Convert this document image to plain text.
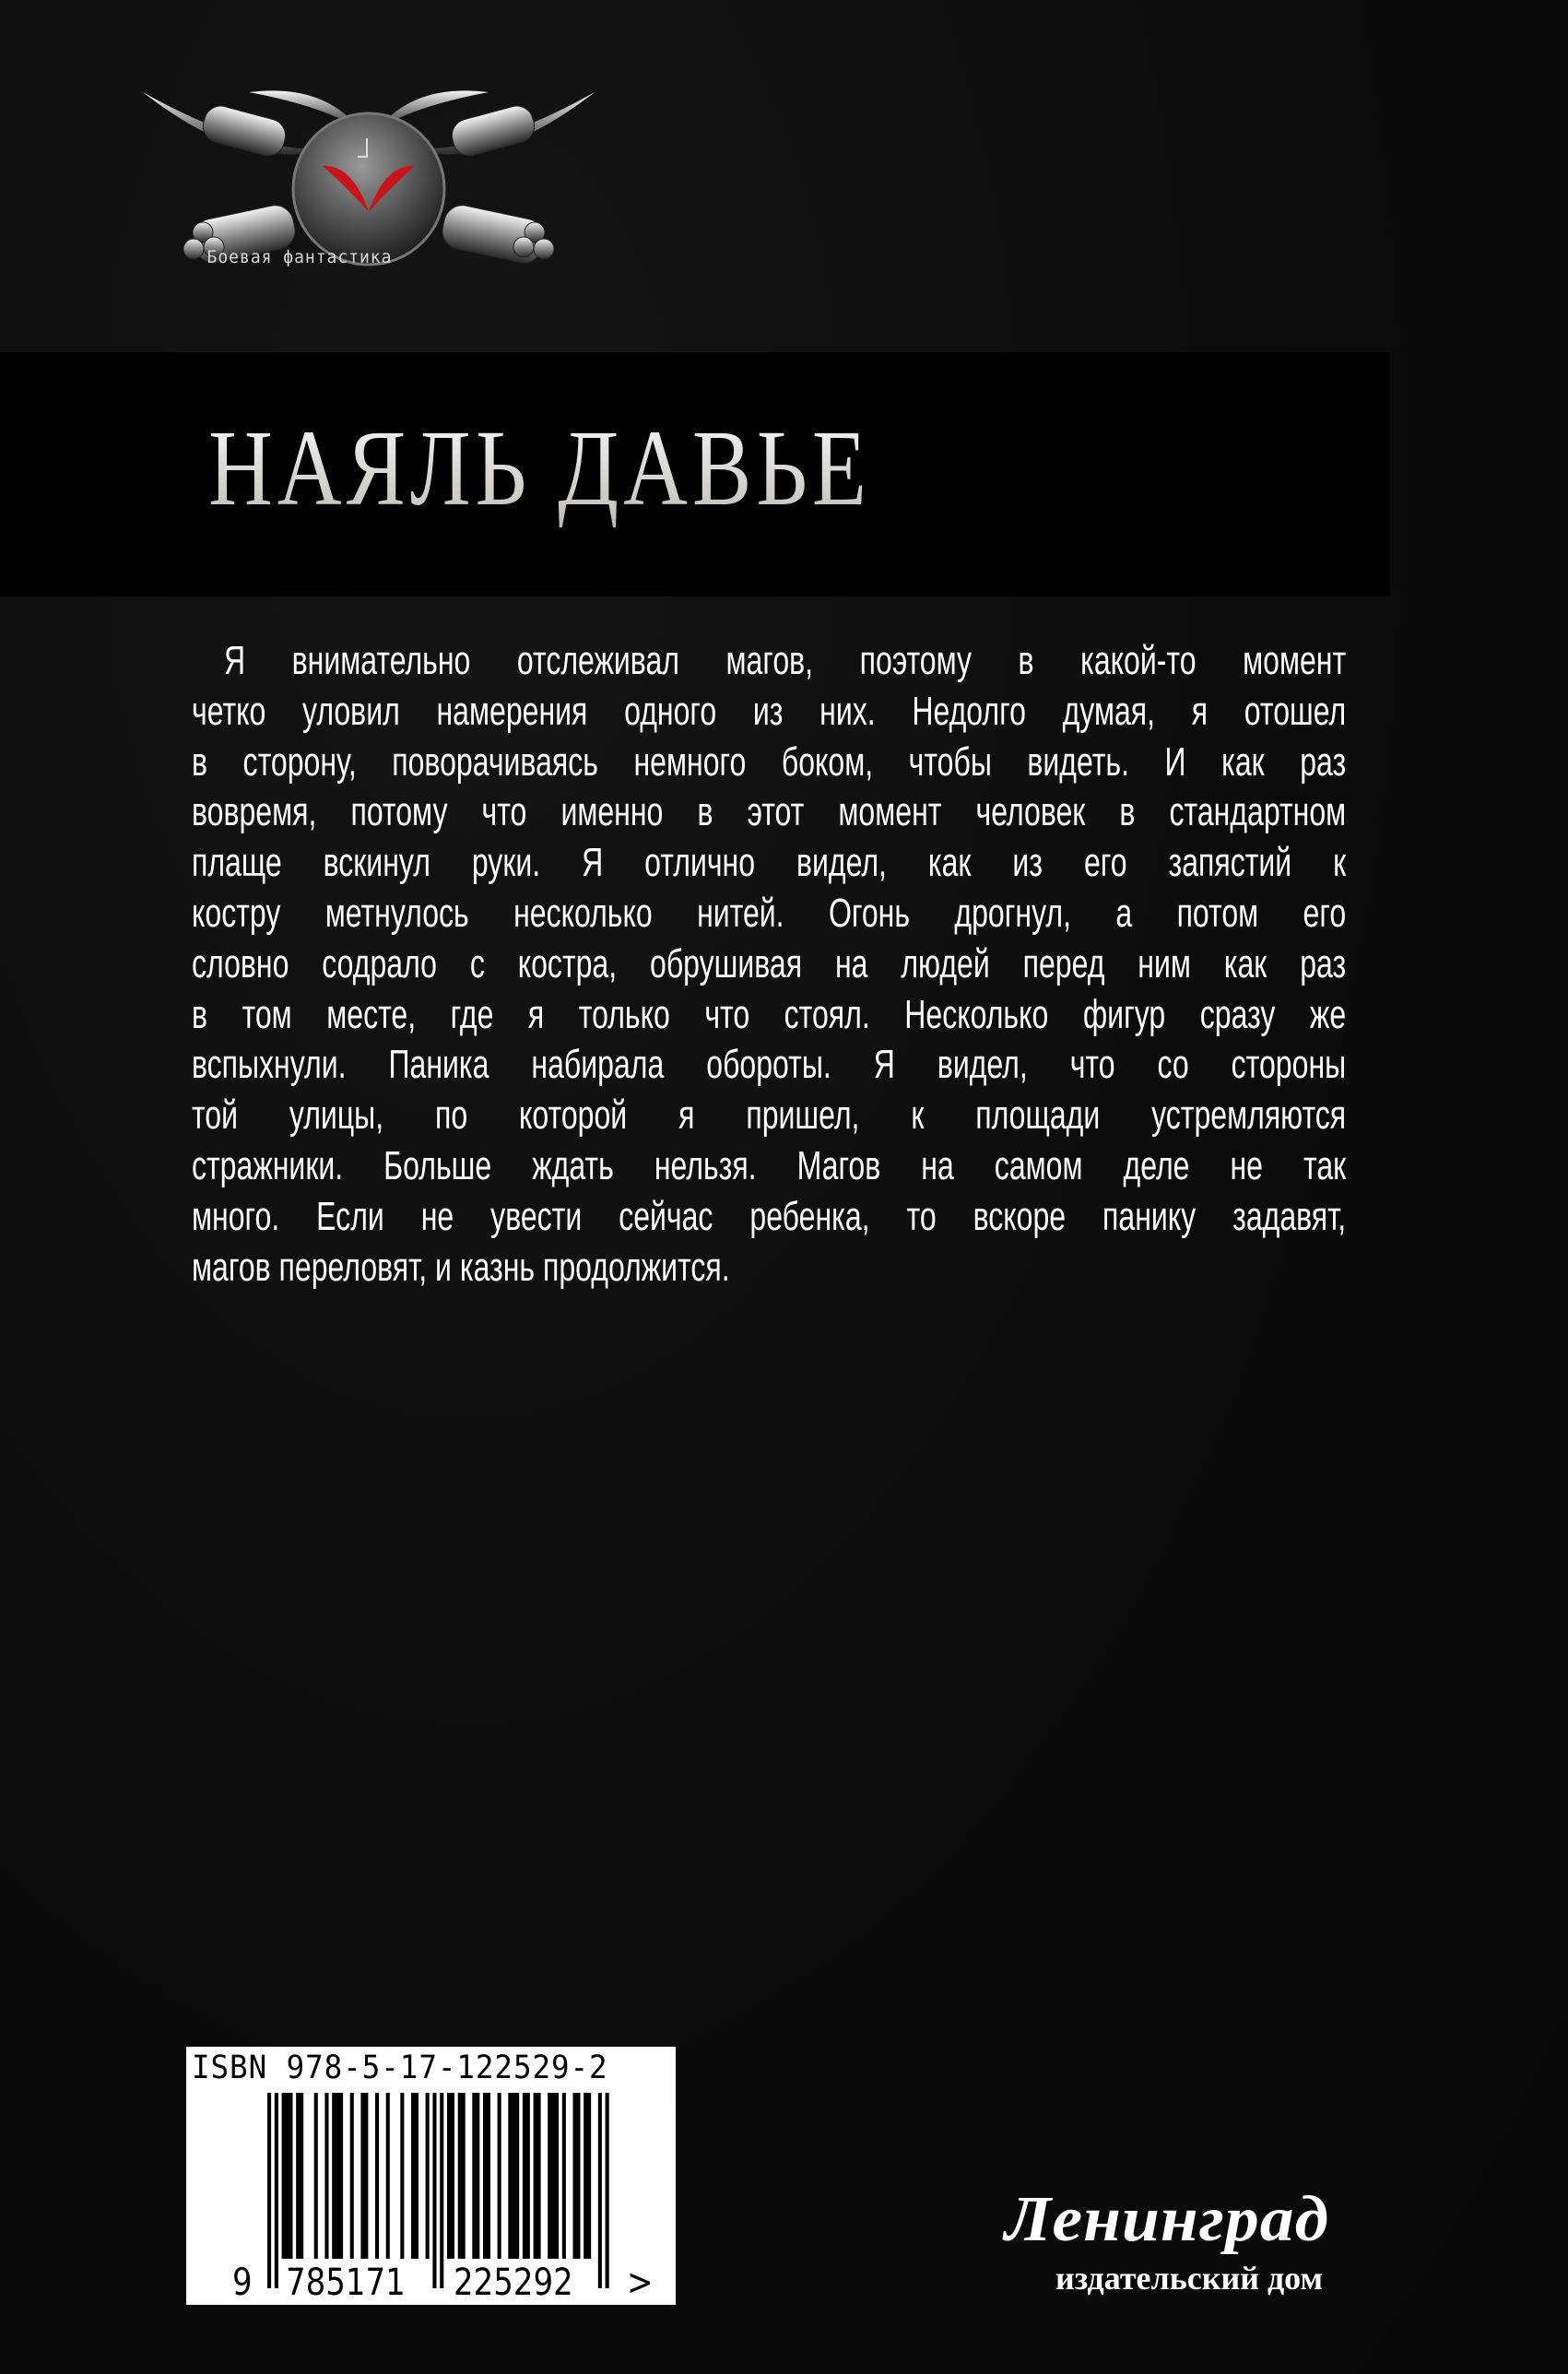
Боевая фантастика
НАЯЛЬ ДАВЬЕ
Я внимательно отслеживал магов, поэтому в какой-то момент
четко уловил намерения одного из них. Недолго думая, я отошел
в сторону, поворачиваясь немного боком, чтобы видеть. И как раз
вовремя, потому что именно в этот момент человек в стандартном
плаще вскинул руки. Я отлично видел, как из его запястий к
костру метнулось несколько нитей. Огонь дрогнул, а потом его
словно содрало с костра, обрушивая на людей перед ним как раз
в том месте, где я только что стоял. Несколько фигур сразу же
вспыхнули. Паника набирала обороты. Я видел, что со стороны
той улицы, по которой я пришел, к площади устремляются
стражники. Больше ждать нельзя. Магов на самом деле не так
много. Если не увести сейчас ребенка, то вскоре панику задавят,
магов переловят, и казнь продолжится.
ISBN 978-5-17-122529-2
9 785171 225292 >
Ленинград
издательский дом
